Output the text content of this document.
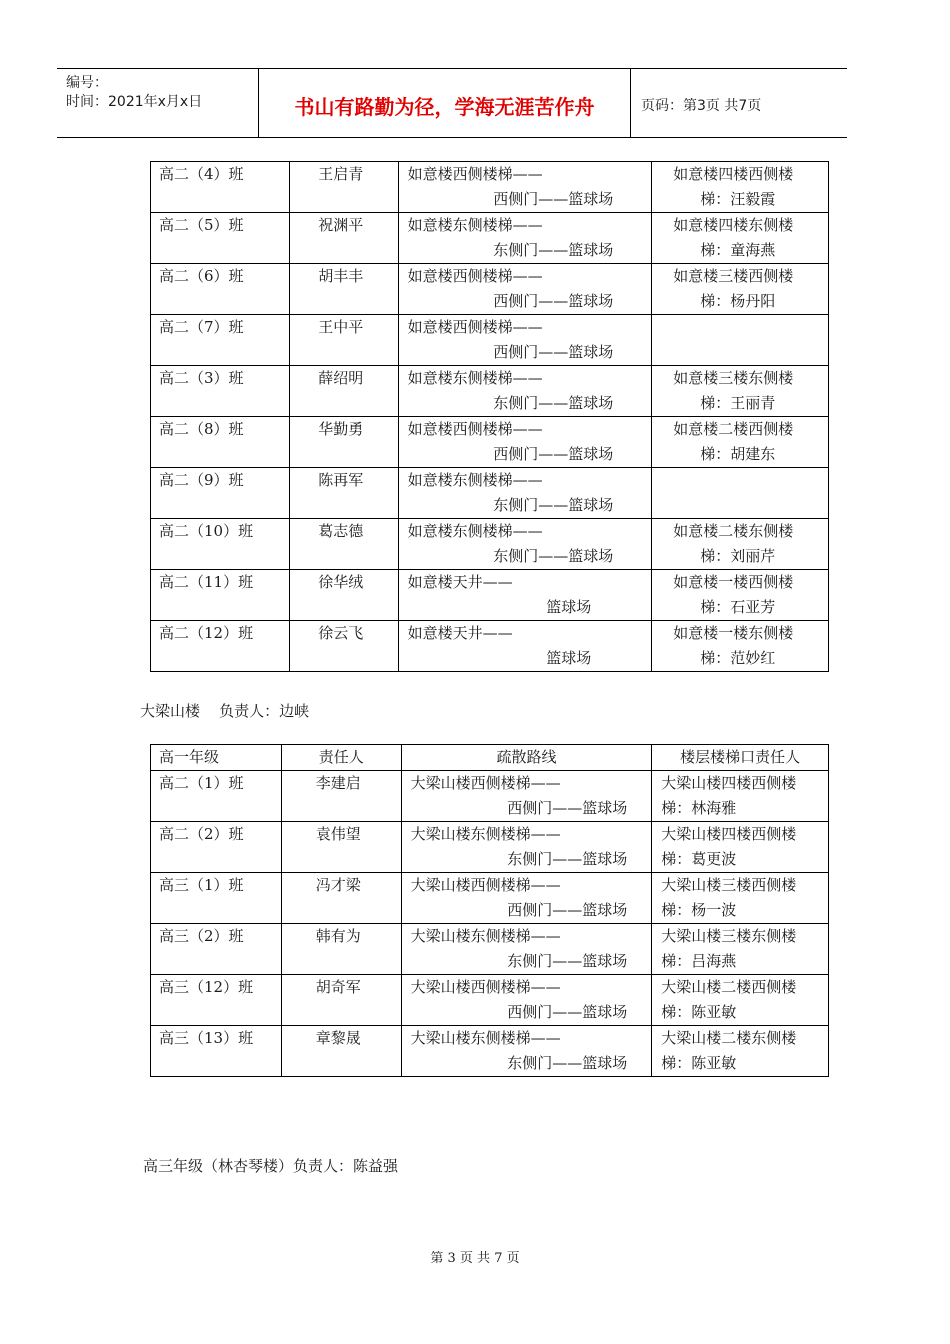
编号：
时间：2021年x月x日	书山有路勤为径，学海无涯苦作舟	页码：第3页 共7页
高二（4）班	王启青	如意楼西侧楼梯——
西侧门——篮球场	如意楼四楼西侧楼
梯：汪毅霞

高二（5）班	祝渊平	如意楼东侧楼梯——
东侧门——篮球场	如意楼四楼东侧楼
梯：童海燕

高二（6）班	胡丰丰	如意楼西侧楼梯——
西侧门——篮球场	如意楼三楼西侧楼
梯：杨丹阳

高二（7）班	王中平	如意楼西侧楼梯——
西侧门——篮球场	

高二（3）班	薛绍明	如意楼东侧楼梯——
东侧门——篮球场	如意楼三楼东侧楼
梯：王丽青

高二（8）班	华勤勇	如意楼西侧楼梯——
西侧门——篮球场	如意楼二楼西侧楼
梯：胡建东

高二（9）班	陈再军	如意楼东侧楼梯——
东侧门——篮球场	

高二（10）班	葛志德	如意楼东侧楼梯——
东侧门——篮球场	如意楼二楼东侧楼
梯：刘丽芹

高二（11）班	徐华绒	如意楼天井——
篮球场	如意楼一楼西侧楼
梯：石亚芳

高二（12）班	徐云飞	如意楼天井——
篮球场	如意楼一楼东侧楼
梯：范妙红
大梁山楼    负责人：边峡
高一年级	责任人	疏散路线	楼层楼梯口责任人
高二（1）班	李建启	大梁山楼西侧楼梯——
西侧门——篮球场	大梁山楼四楼西侧楼
梯：林海雅

高二（2）班	袁伟望	大梁山楼东侧楼梯——
东侧门——篮球场	大梁山楼四楼西侧楼
梯：葛更波

高三（1）班	冯才梁	大梁山楼西侧楼梯——
西侧门——篮球场	大梁山楼三楼西侧楼
梯：杨一波

高三（2）班	韩有为	大梁山楼东侧楼梯——
东侧门——篮球场	大梁山楼三楼东侧楼
梯：吕海燕

高三（12）班	胡奇军	大梁山楼西侧楼梯——
西侧门——篮球场	大梁山楼二楼西侧楼
梯：陈亚敏

高三（13）班	章黎晟	大梁山楼东侧楼梯——
东侧门——篮球场	大梁山楼二楼东侧楼
梯：陈亚敏
高三年级（林杏琴楼）负责人：陈益强
第 3 页 共 7 页
